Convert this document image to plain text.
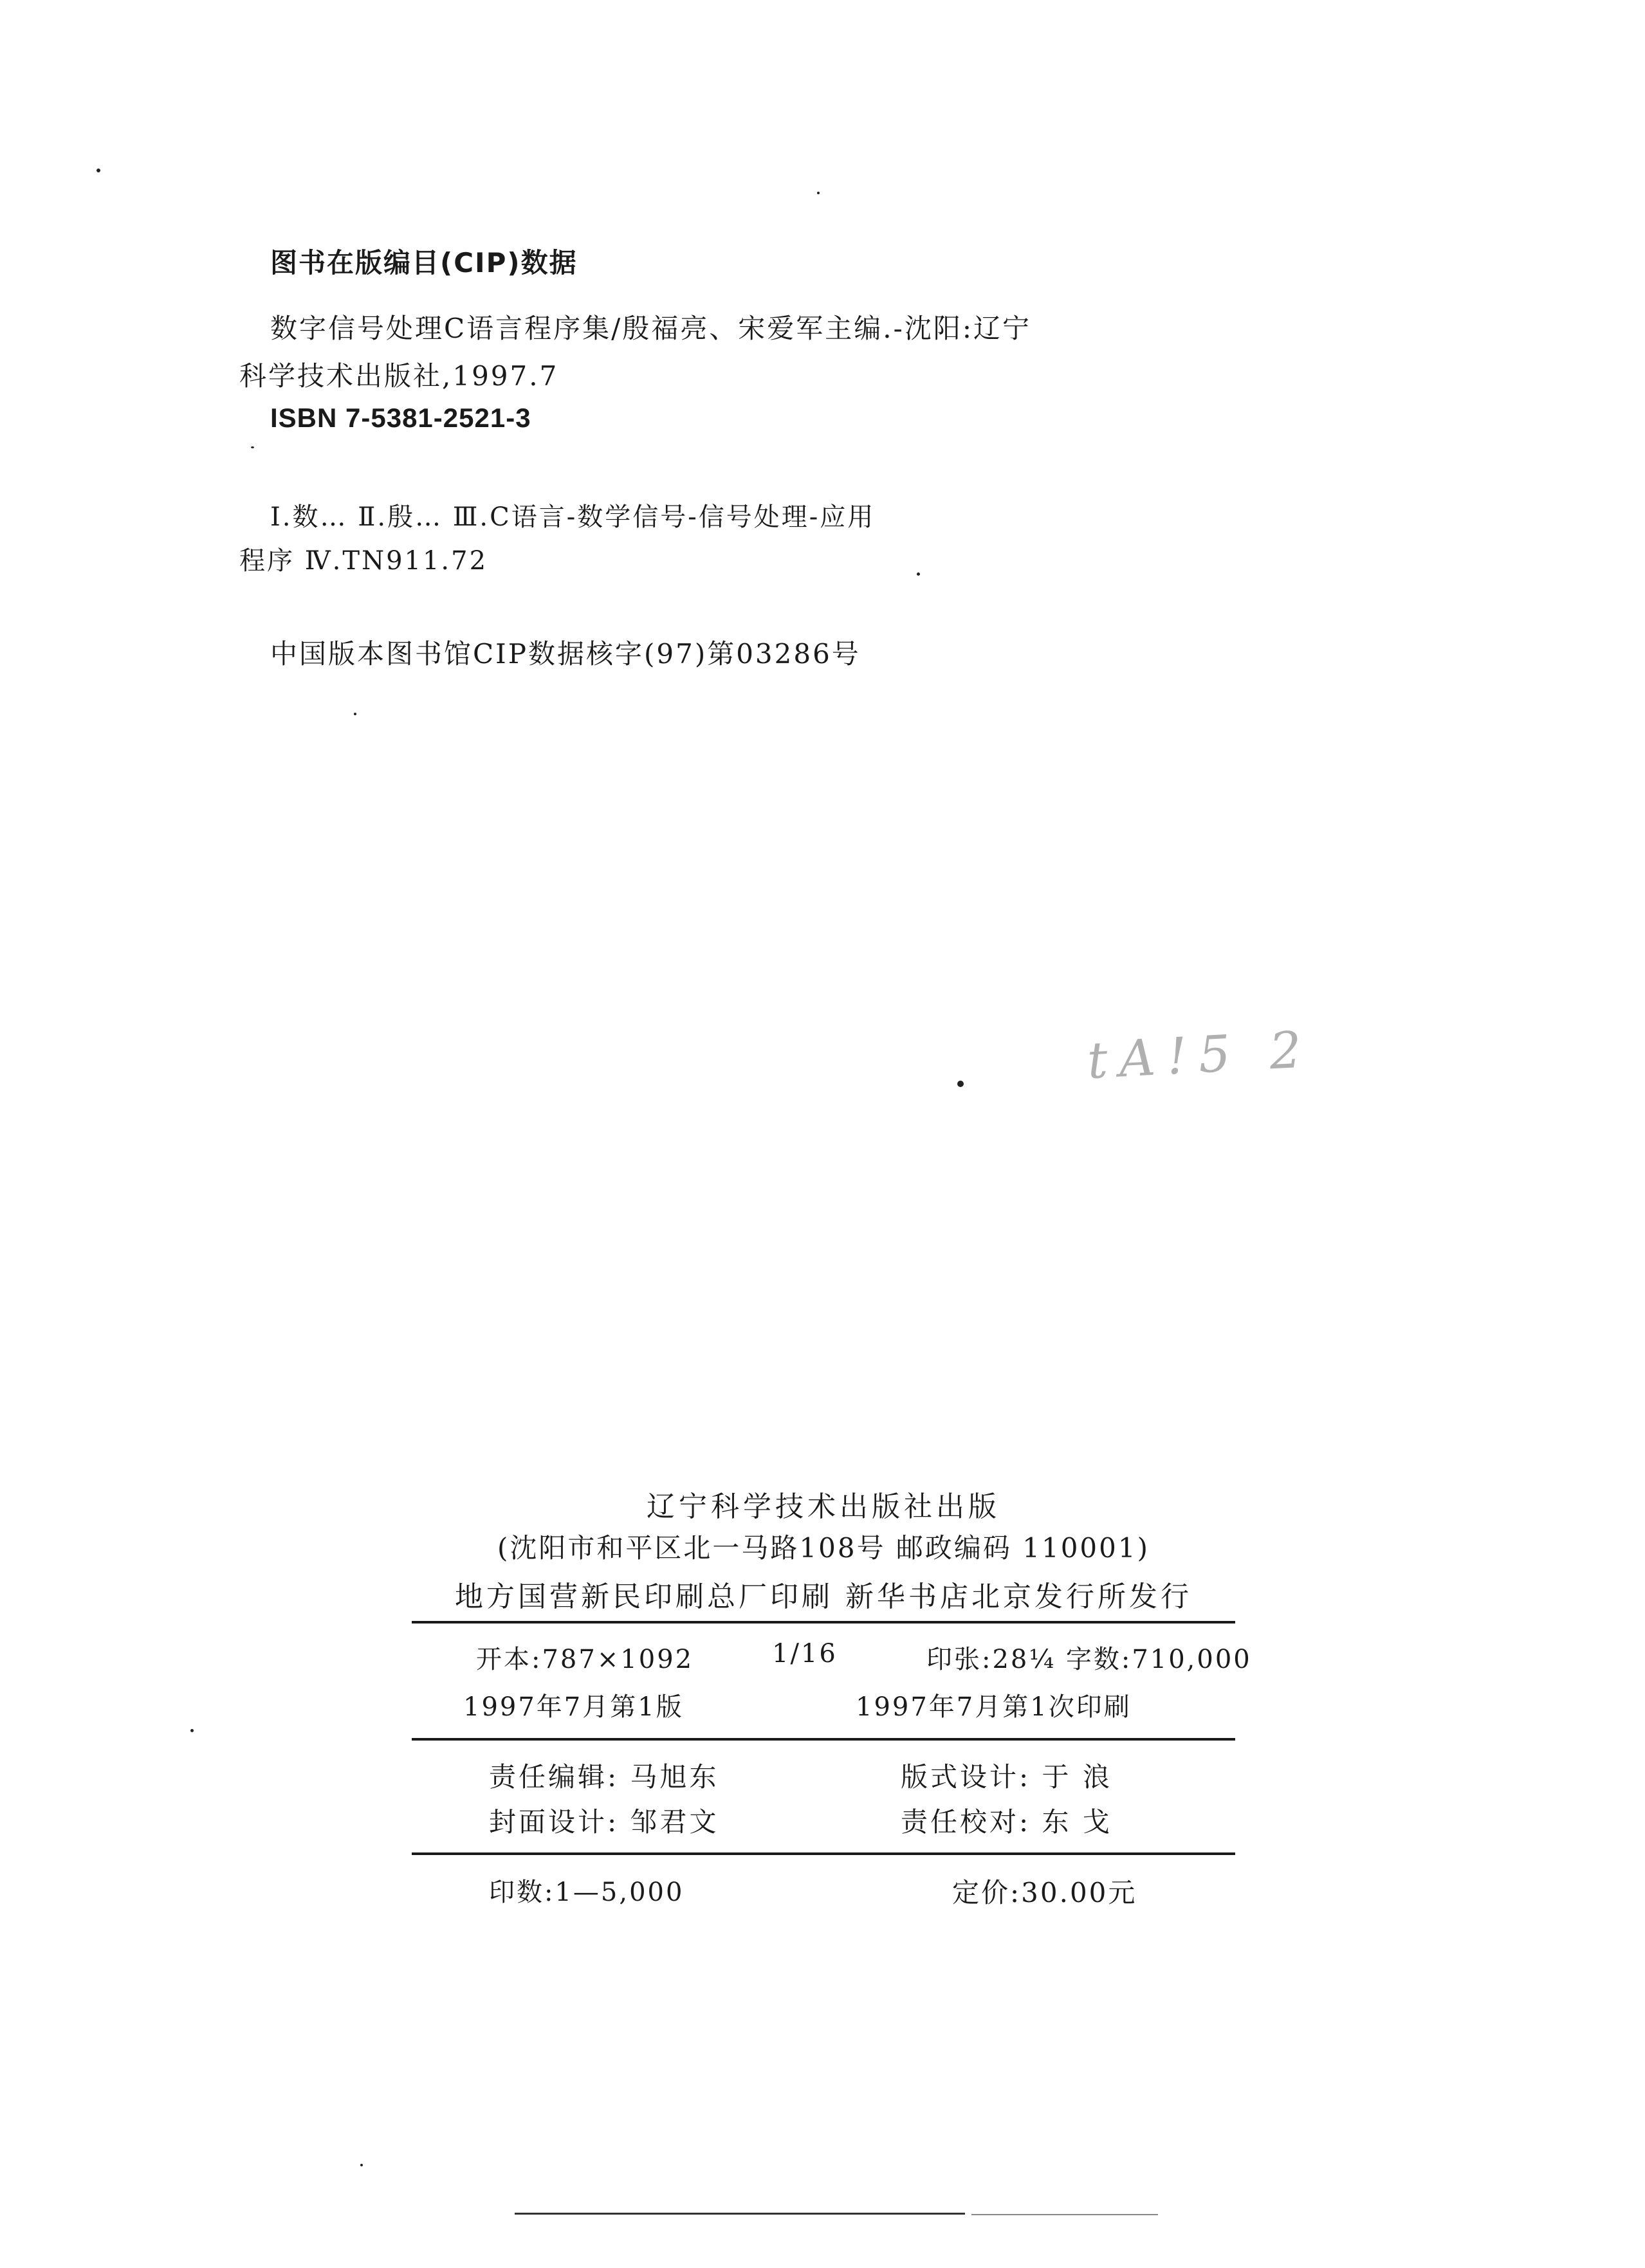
图书在版编目(CIP)数据
数字信号处理C语言程序集/殷福亮、宋爱军主编.-沈阳:辽宁
科学技术出版社,1997.7
ISBN 7-5381-2521-3
Ⅰ.数… Ⅱ.殷… Ⅲ.C语言-数学信号-信号处理-应用
程序 Ⅳ.TN911.72
中国版本图书馆CIP数据核字(97)第03286号
tA!5 2
辽宁科学技术出版社出版
(沈阳市和平区北一马路108号 邮政编码 110001)
地方国营新民印刷总厂印刷 新华书店北京发行所发行
开本:787×1092	1/16	印张:28¼ 字数:710,000
1997年7月第1版	1997年7月第1次印刷
责任编辑: 马旭东	版式设计: 于 浪
封面设计: 邹君文	责任校对: 东 戈
印数:1—5,000	定价:30.00元
